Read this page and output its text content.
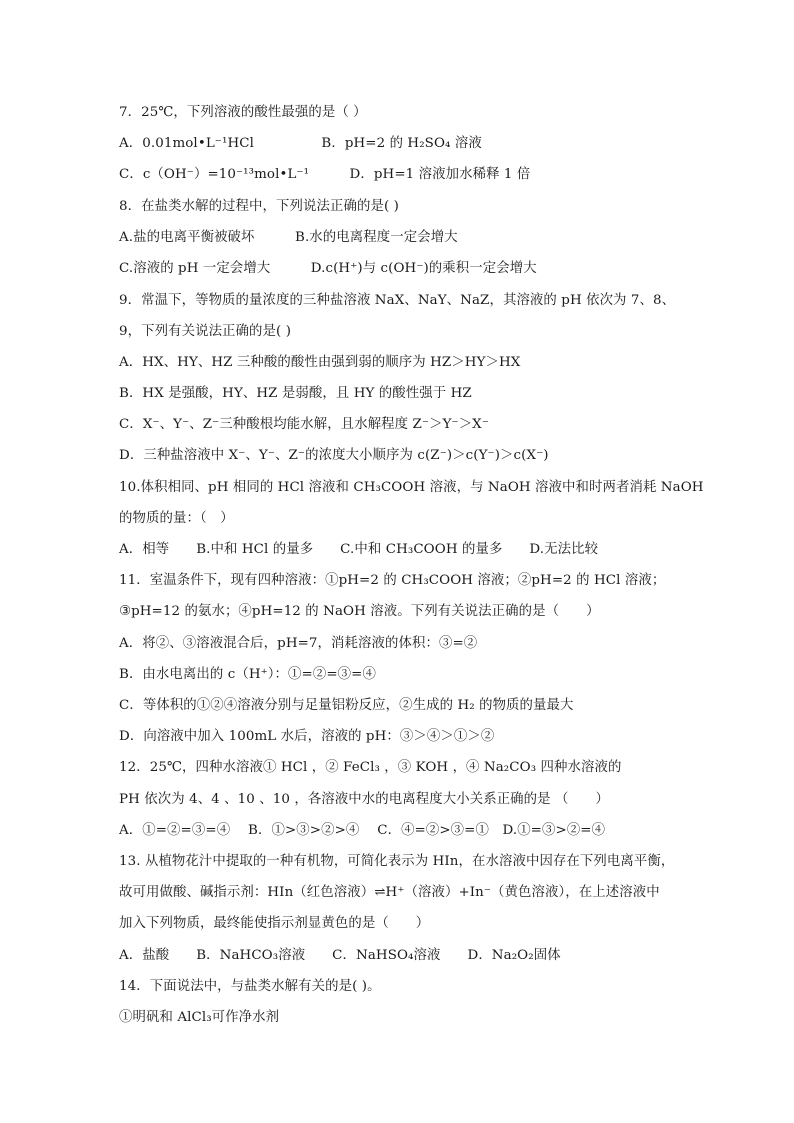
7．25℃，下列溶液的酸性最强的是（ ）
A．0.01mol•L⁻¹HCl　　　　　B．pH=2 的 H₂SO₄ 溶液
C．c（OH⁻）=10⁻¹³mol•L⁻¹　　　D．pH=1 溶液加水稀释 1 倍
8．在盐类水解的过程中，下列说法正确的是( )
A.盐的电离平衡被破坏　　　B.水的电离程度一定会增大
C.溶液的 pH 一定会增大　　　D.c(H⁺)与 c(OH⁻)的乘积一定会增大
9．常温下，等物质的量浓度的三种盐溶液 NaX、NaY、NaZ，其溶液的 pH 依次为 7、8、
9，下列有关说法正确的是( )
A．HX、HY、HZ 三种酸的酸性由强到弱的顺序为 HZ＞HY＞HX
B．HX 是强酸，HY、HZ 是弱酸，且 HY 的酸性强于 HZ
C．X⁻、Y⁻、Z⁻三种酸根均能水解，且水解程度 Z⁻＞Y⁻＞X⁻
D．三种盐溶液中 X⁻、Y⁻、Z⁻的浓度大小顺序为 c(Z⁻)＞c(Y⁻)＞c(X⁻)
10.体积相同、pH 相同的 HCl 溶液和 CH₃COOH 溶液，与 NaOH 溶液中和时两者消耗 NaOH
的物质的量：（　）
A．相等　　B.中和 HCl 的量多　　C.中和 CH₃COOH 的量多　　D.无法比较
11．室温条件下，现有四种溶液：①pH=2 的 CH₃COOH 溶液；②pH=2 的 HCl 溶液；
③pH=12 的氨水；④pH=12 的 NaOH 溶液。下列有关说法正确的是（　　）
A．将②、③溶液混合后，pH=7，消耗溶液的体积：③=②
B．由水电离出的 c（H⁺）：①=②=③=④
C．等体积的①②④溶液分别与足量铝粉反应，②生成的 H₂ 的物质的量最大
D．向溶液中加入 100mL 水后，溶液的 pH：③＞④＞①＞②
12．25℃，四种水溶液① HCl ，② FeCl₃ ，③ KOH ，④ Na₂CO₃ 四种水溶液的
PH 依次为 4、4 、10 、10 ，各溶液中水的电离程度大小关系正确的是 （　　）
A．①=②=③=④　 B．①>③>②>④　 C．④=②>③=①　D.①=③>②=④
13. 从植物花汁中提取的一种有机物，可简化表示为 HIn，在水溶液中因存在下列电离平衡，
故可用做酸、碱指示剂：HIn（红色溶液）⇌H⁺（溶液）+In⁻（黄色溶液），在上述溶液中
加入下列物质，最终能使指示剂显黄色的是（　　）
A．盐酸　　B．NaHCO₃溶液　　C．NaHSO₄溶液　　D．Na₂O₂固体
14．下面说法中，与盐类水解有关的是( )。
①明矾和 AlCl₃可作净水剂
